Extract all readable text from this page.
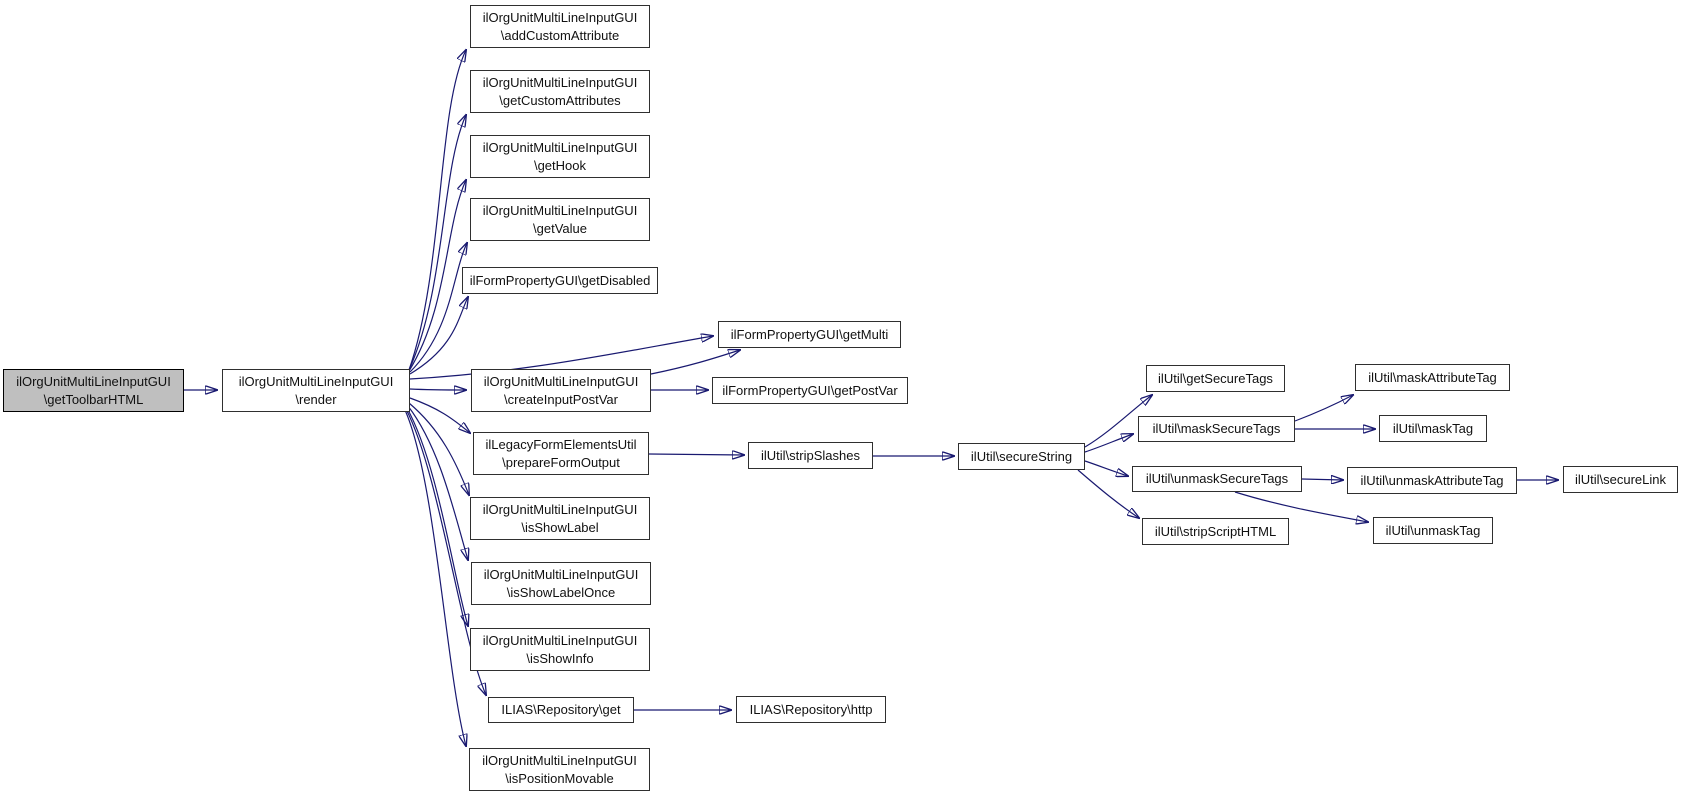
ilOrgUnitMultiLineInputGUI
\getToolbarHTML
ilOrgUnitMultiLineInputGUI
\render
ilOrgUnitMultiLineInputGUI
\addCustomAttribute
ilOrgUnitMultiLineInputGUI
\getCustomAttributes
ilOrgUnitMultiLineInputGUI
\getHook
ilOrgUnitMultiLineInputGUI
\getValue
ilFormPropertyGUI\getDisabled
ilFormPropertyGUI\getMulti
ilOrgUnitMultiLineInputGUI
\createInputPostVar
ilFormPropertyGUI\getPostVar
ilLegacyFormElementsUtil
\prepareFormOutput	ilUtil\stripSlashes	ilUtil\secureString
ilUtil\getSecureTags
ilUtil\maskSecureTags
ilUtil\unmaskSecureTags
ilUtil\stripScriptHTML
ilUtil\maskAttributeTag
ilUtil\maskTag
ilUtil\unmaskAttributeTag	ilUtil\secureLink
ilUtil\unmaskTag
ilOrgUnitMultiLineInputGUI
\isShowLabel
ilOrgUnitMultiLineInputGUI
\isShowLabelOnce
ilOrgUnitMultiLineInputGUI
\isShowInfo
ILIAS\Repository\get	ILIAS\Repository\http
ilOrgUnitMultiLineInputGUI
\isPositionMovable
